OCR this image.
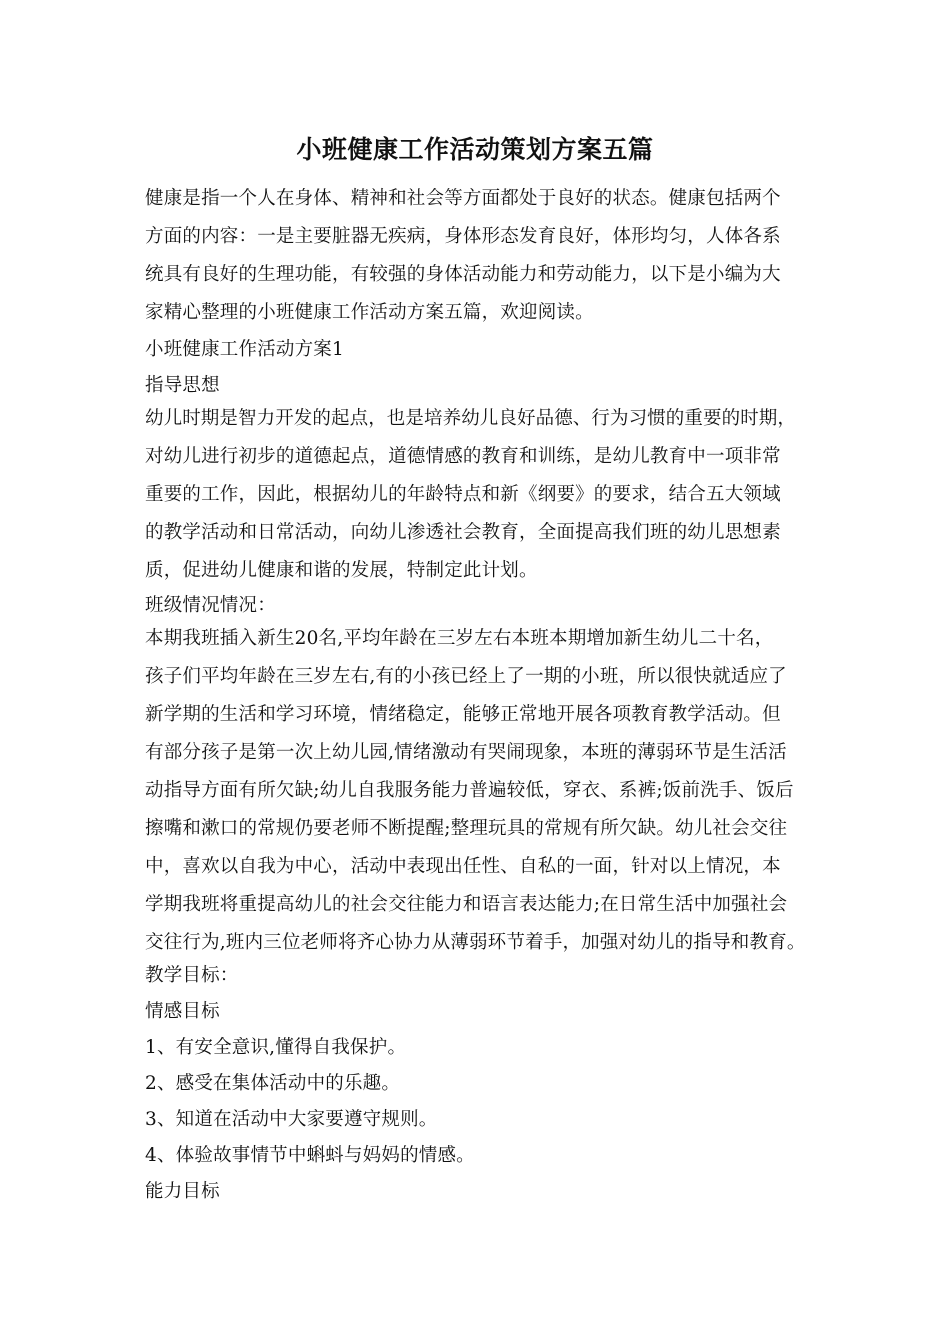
小班健康工作活动策划方案五篇
健康是指一个人在身体、精神和社会等方面都处于良好的状态。健康包括两个
方面的内容：一是主要脏器无疾病，身体形态发育良好，体形均匀，人体各系
统具有良好的生理功能，有较强的身体活动能力和劳动能力，以下是小编为大
家精心整理的小班健康工作活动方案五篇，欢迎阅读。

小班健康工作活动方案1

指导思想

幼儿时期是智力开发的起点，也是培养幼儿良好品德、行为习惯的重要的时期，
对幼儿进行初步的道德起点，道德情感的教育和训练，是幼儿教育中一项非常
重要的工作，因此，根据幼儿的年龄特点和新《纲要》的要求，结合五大领域
的教学活动和日常活动，向幼儿渗透社会教育，全面提高我们班的幼儿思想素
质，促进幼儿健康和谐的发展，特制定此计划。

班级情况情况：

本期我班插入新生20名,平均年龄在三岁左右本班本期增加新生幼儿二十名，
孩子们平均年龄在三岁左右,有的小孩已经上了一期的小班，所以很快就适应了
新学期的生活和学习环境，情绪稳定，能够正常地开展各项教育教学活动。但
有部分孩子是第一次上幼儿园,情绪激动有哭闹现象，本班的薄弱环节是生活活
动指导方面有所欠缺;幼儿自我服务能力普遍较低，穿衣、系裤;饭前洗手、饭后
擦嘴和漱口的常规仍要老师不断提醒;整理玩具的常规有所欠缺。幼儿社会交往
中，喜欢以自我为中心，活动中表现出任性、自私的一面，针对以上情况，本
学期我班将重提高幼儿的社会交往能力和语言表达能力;在日常生活中加强社会
交往行为,班内三位老师将齐心协力从薄弱环节着手，加强对幼儿的指导和教育。

教学目标：

情感目标

1、有安全意识,懂得自我保护。
2、感受在集体活动中的乐趣。
3、知道在活动中大家要遵守规则。
4、体验故事情节中蝌蚪与妈妈的情感。

能力目标
